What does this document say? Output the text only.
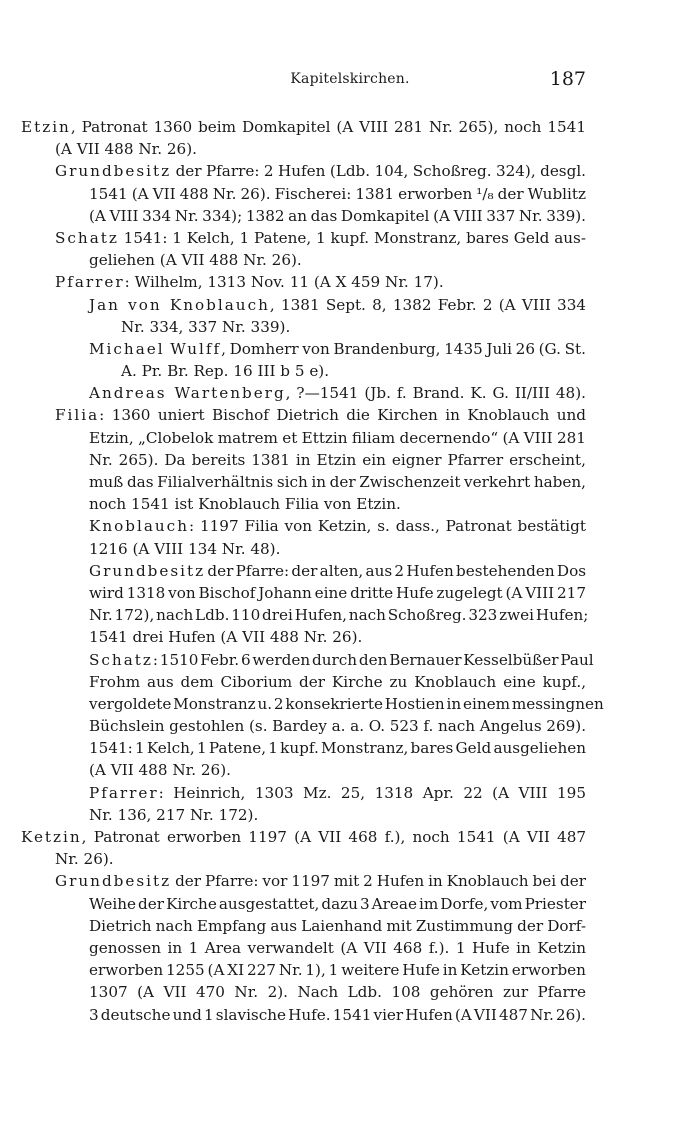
Kapitelskirchen.	187
Etzin, Patronat 1360 beim Domkapitel (A VIII 281 Nr. 265), noch 1541
(A VII 488 Nr. 26).
Grundbesitz der Pfarre: 2 Hufen (Ldb. 104, Schoßreg. 324), desgl.
1541 (A VII 488 Nr. 26). Fischerei: 1381 erworben ¹/₈ der Wublitz
(A VIII 334 Nr. 334); 1382 an das Domkapitel (A VIII 337 Nr. 339).
Schatz 1541: 1 Kelch, 1 Patene, 1 kupf. Monstranz, bares Geld aus-
geliehen (A VII 488 Nr. 26).
Pfarrer: Wilhelm, 1313 Nov. 11 (A X 459 Nr. 17).
Jan von Knoblauch, 1381 Sept. 8, 1382 Febr. 2 (A VIII 334
Nr. 334, 337 Nr. 339).
Michael Wulff, Domherr von Brandenburg, 1435 Juli 26 (G. St.
A. Pr. Br. Rep. 16 III b 5 e).
Andreas Wartenberg, ?—1541 (Jb. f. Brand. K. G. II/III 48).
Filia: 1360 uniert Bischof Dietrich die Kirchen in Knoblauch und
Etzin, „Clobelok matrem et Ettzin filiam decernendo“ (A VIII 281
Nr. 265). Da bereits 1381 in Etzin ein eigner Pfarrer erscheint,
muß das Filialverhältnis sich in der Zwischenzeit verkehrt haben,
noch 1541 ist Knoblauch Filia von Etzin.
Knoblauch: 1197 Filia von Ketzin, s. dass., Patronat bestätigt
1216 (A VIII 134 Nr. 48).
Grundbesitz der Pfarre: der alten, aus 2 Hufen bestehenden Dos
wird 1318 von Bischof Johann eine dritte Hufe zugelegt (A VIII 217
Nr. 172), nach Ldb. 110 drei Hufen, nach Schoßreg. 323 zwei Hufen;
1541 drei Hufen (A VII 488 Nr. 26).
Schatz: 1510 Febr. 6 werden durch den Bernauer Kesselbüßer Paul
Frohm aus dem Ciborium der Kirche zu Knoblauch eine kupf.,
vergoldete Monstranz u. 2 konsekrierte Hostien in einem messingnen
Büchslein gestohlen (s. Bardey a. a. O. 523 f. nach Angelus 269).
1541: 1 Kelch, 1 Patene, 1 kupf. Monstranz, bares Geld ausgeliehen
(A VII 488 Nr. 26).
Pfarrer: Heinrich, 1303 Mz. 25, 1318 Apr. 22 (A VIII 195
Nr. 136, 217 Nr. 172).
Ketzin, Patronat erworben 1197 (A VII 468 f.), noch 1541 (A VII 487
Nr. 26).
Grundbesitz der Pfarre: vor 1197 mit 2 Hufen in Knoblauch bei der
Weihe der Kirche ausgestattet, dazu 3 Areae im Dorfe, vom Priester
Dietrich nach Empfang aus Laienhand mit Zustimmung der Dorf-
genossen in 1 Area verwandelt (A VII 468 f.). 1 Hufe in Ketzin
erworben 1255 (A XI 227 Nr. 1), 1 weitere Hufe in Ketzin erworben
1307 (A VII 470 Nr. 2). Nach Ldb. 108 gehören zur Pfarre
3 deutsche und 1 slavische Hufe. 1541 vier Hufen (A VII 487 Nr. 26).
